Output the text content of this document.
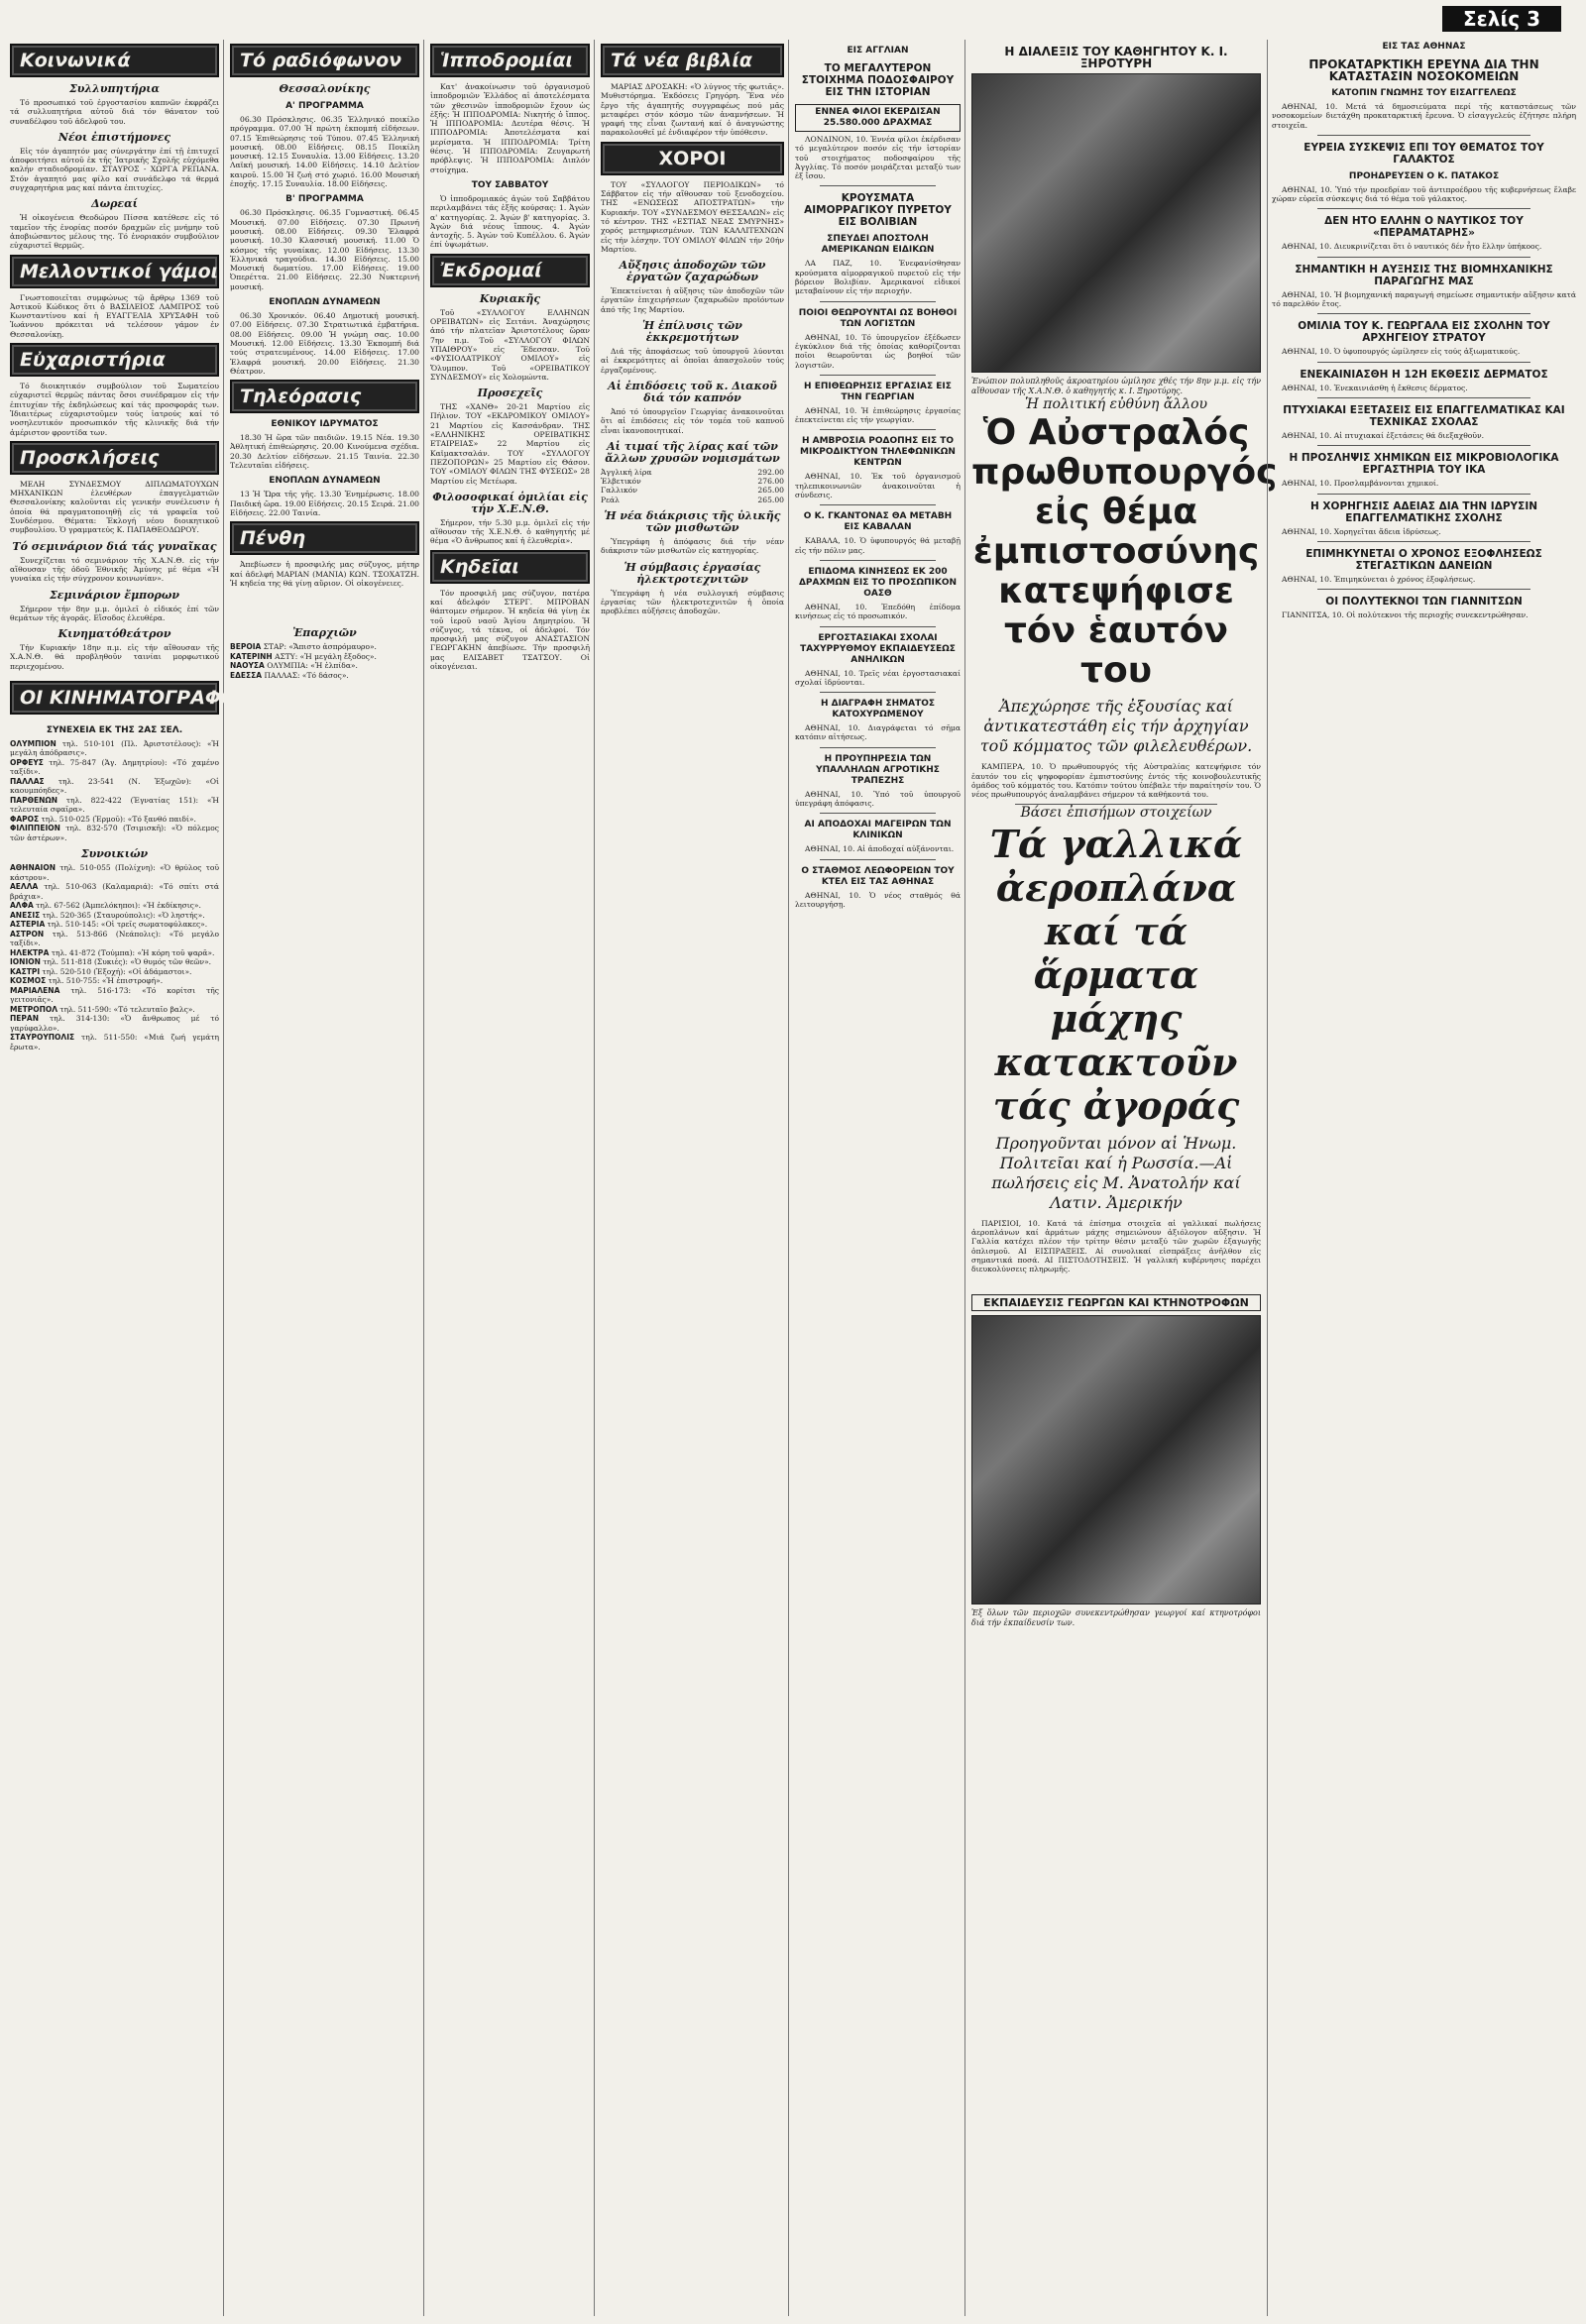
Σελίς 3
Κοινωνικά
Συλλυπητήρια

Τό προσωπικό τοῦ ἐργοστασίου καπνῶν ἐκφράζει τά συλλυπητήρια αὐτοῦ διά τόν θάνατον τοῦ συναδέλφου τοῦ ἀδελφοῦ του.

Νέοι ἐπιστήμονες

Εἰς τόν ἀγαπητόν μας σύνεργάτην ἐπί τῇ ἐπιτυχεῖ ἀποφοιτήσει αὐτοῦ ἐκ τῆς Ἰατρικῆς Σχολῆς εὐχόμεθα καλήν σταδιοδρομίαν. ΣΤΑΥΡΟΣ - ΧΩΡΓΑ ΡΕΠΑΝΑ. Στόν ἀγαπητό μας φίλο καί συνάδελφο τά θερμά συγχαρητήρια μας καί πάντα ἐπιτυχίες.

Δωρεαί

Ἡ οἰκογένεια Θεοδώρου Πίσσα κατέθεσε εἰς τό ταμεῖον τῆς ἐνορίας ποσόν δραχμῶν εἰς μνήμην τοῦ ἀποβιώσαντος μέλους της. Τό ἐνοριακόν συμβούλιον εὐχαριστεῖ θερμῶς.

Μελλοντικοί γάμοι

Γνωστοποιεῖται συμφώνως τῷ ἄρθρῳ 1369 τοῦ Ἀστικοῦ Κώδικος ὅτι ὁ ΒΑΣΙΛΕΙΟΣ ΛΑΜΠΡΟΣ τοῦ Κωνσταντίνου καί ἡ ΕΥΑΓΓΕΛΙΑ ΧΡΥΣΑΦΗ τοῦ Ἰωάννου πρόκειται νά τελέσουν γάμον ἐν Θεσσαλονίκῃ.

Εὐχαριστήρια

Τό διοικητικόν συμβούλιον τοῦ Σωματείου εὐχαριστεῖ θερμῶς πάντας ὅσοι συνέδραμον εἰς τήν ἐπιτυχίαν τῆς ἐκδηλώσεως καί τάς προσφοράς των. Ἰδιαιτέρως εὐχαριστοῦμεν τούς ἰατρούς καί τό νοσηλευτικόν προσωπικόν τῆς κλινικῆς διά τήν ἀμέριστον φροντίδα των.

Προσκλήσεις

ΜΕΛΗ ΣΥΝΔΕΣΜΟΥ ΔΙΠΛΩΜΑΤΟΥΧΩΝ ΜΗΧΑΝΙΚΩΝ ἐλευθέρων ἐπαγγελματιῶν Θεσσαλονίκης καλοῦνται εἰς γενικήν συνέλευσιν ἡ ὁποία θά πραγματοποιηθῇ εἰς τά γραφεῖα τοῦ Συνδέσμου. Θέματα: Ἐκλογή νέου διοικητικοῦ συμβουλίου. Ὁ γραμματεύς Κ. ΠΑΠΑΘΕΟΔΩΡΟΥ.

Τό σεμινάριον διά τάς γυναῖκας

Συνεχίζεται τό σεμινάριον τῆς Χ.Α.Ν.Θ. εἰς τήν αἴθουσαν τῆς ὁδοῦ Ἐθνικῆς Ἀμύνης μέ θέμα «Ἡ γυναίκα εἰς τήν σύγχρονον κοινωνίαν».

Σεμινάριον ἔμπορων

Σήμερον τήν 8ην μ.μ. ὁμιλεῖ ὁ εἰδικός ἐπί τῶν θεμάτων τῆς ἀγορᾶς. Εἴσοδος ἐλευθέρα.

Κινηματόθεάτρον

Τήν Κυριακήν 18ην π.μ. εἰς τήν αἴθουσαν τῆς Χ.Α.Ν.Θ. θά προβληθοῦν ταινίαι μορφωτικοῦ περιεχομένου.

ΟΙ ΚΙΝΗΜΑΤΟΓΡΑΦΟΙ
ΣΥΝΕΧΕΙΑ ΕΚ ΤΗΣ 2ΑΣ ΣΕΛ.
ΟΛΥΜΠΙΟΝ τηλ. 510-101 (Πλ. Ἀριστοτέλους): «Ἡ μεγάλη ἀπόδρασις».
ΟΡΦΕΥΣ τηλ. 75-847 (Ἁγ. Δημητρίου): «Τό χαμένο ταξίδι».
ΠΑΛΛΑΣ τηλ. 23-541 (Ν. Ἐξωχῶν): «Οἱ καουμπόηδες».
ΠΑΡΘΕΝΩΝ τηλ. 822-422 (Ἐγνατίας 151): «Ἡ τελευταία σφαῖρα».
ΦΑΡΟΣ τηλ. 510-025 (Ἐρμοῦ): «Τό ξανθό παιδί».
ΦΙΛΙΠΠΕΙΟΝ τηλ. 832-570 (Τσιμισκῆ): «Ὁ πόλεμος τῶν ἀστέρων».
Συνοικιών
ΑΘΗΝΑΙΟΝ τηλ. 510-055 (Πολίχνη): «Ὁ θρύλος τοῦ κάστρου».
ΑΕΛΛΑ τηλ. 510-063 (Καλαμαριά): «Τό σπίτι στά βράχια».
ΑΛΦΑ τηλ. 67-562 (Ἀμπελόκηποι): «Ἡ ἐκδίκησις».
ΑΝΕΣΙΣ τηλ. 520-365 (Σταυρούπολις): «Ὁ ληστής».
ΑΣΤΕΡΙΑ τηλ. 510-145: «Οἱ τρεῖς σωματοφύλακες».
ΑΣΤΡΟΝ τηλ. 513-866 (Νεάπολις): «Τό μεγάλο ταξίδι».
ΗΛΕΚΤΡΑ τηλ. 41-872 (Τούμπα): «Ἡ κόρη τοῦ ψαρᾶ».
ΙΟΝΙΟΝ τηλ. 511-818 (Συκιές): «Ὁ θυμός τῶν θεῶν».
ΚΑΣΤΡΙ τηλ. 520-510 (Ἐξοχή): «Οἱ ἀδάμαστοι».
ΚΟΣΜΟΣ τηλ. 510-755: «Ἡ ἐπιστροφή».
ΜΑΡΙΑΛΕΝΑ τηλ. 516-173: «Τό κορίτσι τῆς γειτονιᾶς».
ΜΕΤΡΟΠΟΛ τηλ. 511-590: «Τό τελευταῖο βαλς».
ΠΕΡΑΝ τηλ. 314-130: «Ὁ ἄνθρωπος μέ τό γαρύφαλλο».
ΣΤΑΥΡΟΥΠΟΛΙΣ τηλ. 511-550: «Μιά ζωή γεμάτη ἔρωτα».
Τό ραδιόφωνον
Θεσσαλονίκης
Α' ΠΡΟΓΡΑΜΜΑ

06.30 Πρόσκλησις. 06.35 Ἑλληνικό ποικίλο πρόγραμμα. 07.00 Ἡ πρώτη ἐκπομπή εἰδήσεων. 07.15 Ἐπιθεώρησις τοῦ Τύπου. 07.45 Ἑλληνική μουσική. 08.00 Εἰδήσεις. 08.15 Ποικίλη μουσική. 12.15 Συναυλία. 13.00 Εἰδήσεις. 13.20 Λαϊκή μουσική. 14.00 Εἰδήσεις. 14.10 Δελτίον καιροῦ. 15.00 Ἡ ζωή στό χωριό. 16.00 Μουσική ἐποχῆς. 17.15 Συναυλία. 18.00 Εἰδήσεις.

Β' ΠΡΟΓΡΑΜΜΑ

06.30 Πρόσκλησις. 06.35 Γυμναστική. 06.45 Μουσική. 07.00 Εἰδήσεις. 07.30 Πρωινή μουσική. 08.00 Εἰδήσεις. 09.30 Ἐλαφρά μουσική. 10.30 Κλασσική μουσική. 11.00 Ὁ κόσμος τῆς γυναίκας. 12.00 Εἰδήσεις. 13.30 Ἑλληνικά τραγούδια. 14.30 Εἰδήσεις. 15.00 Μουσική δωματίου. 17.00 Εἰδήσεις. 19.00 Ὀπερέττα. 21.00 Εἰδήσεις. 22.30 Νυκτερινή μουσική.

ΕΝΟΠΛΩΝ ΔΥΝΑΜΕΩΝ

06.30 Χρονικόν. 06.40 Δημοτική μουσική. 07.00 Εἰδήσεις. 07.30 Στρατιωτικά ἐμβατήρια. 08.00 Εἰδήσεις. 09.00 Ἡ γνώμη σας. 10.00 Μουσική. 12.00 Εἰδήσεις. 13.30 Ἐκπομπή διά τούς στρατευμένους. 14.00 Εἰδήσεις. 17.00 Ἐλαφρά μουσική. 20.00 Εἰδήσεις. 21.30 Θέατρον.

Τηλεόρασις
ΕΘΝΙΚΟΥ ΙΔΡΥΜΑΤΟΣ

18.30 Ἡ ὥρα τῶν παιδιῶν. 19.15 Νέα. 19.30 Ἀθλητική ἐπιθεώρησις. 20.00 Κινούμενα σχέδια. 20.30 Δελτίον εἰδήσεων. 21.15 Ταινία. 22.30 Τελευταῖαι εἰδήσεις.

ΕΝΟΠΛΩΝ ΔΥΝΑΜΕΩΝ

13 Ἡ Ὥρα τῆς γῆς. 13.30 Ἐνημέρωσις. 18.00 Παιδική ὥρα. 19.00 Εἰδήσεις. 20.15 Σειρά. 21.00 Εἰδήσεις. 22.00 Ταινία.

Πένθη

Ἀπεβίωσεν ἡ προσφιλής μας σύζυγος, μήτηρ καί ἀδελφή ΜΑΡΙΑΝ (ΜΑΝΙΑ) ΚΩΝ. ΤΣΟΧΑΤΖΗ. Ἡ κηδεία της θά γίνῃ αὔριον. Οἱ οἰκογένειες.

Ἐπαρχιῶν
ΒΕΡΟΙΑ ΣΤΑΡ: «Ἄπιστο ἀσπρόμαυρο».
ΚΑΤΕΡΙΝΗ ΑΣΤΥ: «Ἡ μεγάλη ἔξοδος».
ΝΑΟΥΣΑ ΟΛΥΜΠΙΑ: «Ἡ ἐλπίδα».
ΕΔΕΣΣΑ ΠΑΛΛΑΣ: «Τό δάσος».
Ἱπποδρομίαι

Κατ' ἀνακοίνωσιν τοῦ ὀργανισμοῦ ἱπποδρομιῶν Ἑλλάδος αἱ ἀποτελέσματα τῶν χθεσινῶν ἱπποδρομιῶν ἔχουν ὡς ἑξῆς: Ἡ ΙΠΠΟΔΡΟΜΙΑ: Νικητής ὁ ἵππος. Ἡ ΙΠΠΟΔΡΟΜΙΑ: Δευτέρα θέσις. Ἡ ΙΠΠΟΔΡΟΜΙΑ: Ἀποτελέσματα καί μερίσματα. Ἡ ΙΠΠΟΔΡΟΜΙΑ: Τρίτη θέσις. Ἡ ΙΠΠΟΔΡΟΜΙΑ: Ζευγαρωτή πρόβλεψις. Ἡ ΙΠΠΟΔΡΟΜΙΑ: Διπλόν στοίχημα.

ΤΟΥ ΣΑΒΒΑΤΟΥ

Ὁ ἱπποδρομιακός ἀγών τοῦ Σαββάτου περιλαμβάνει τάς ἑξῆς κούρσας: 1. Ἀγών α' κατηγορίας. 2. Ἀγών β' κατηγορίας. 3. Ἀγών διά νέους ἵππους. 4. Ἀγών ἀντοχῆς. 5. Ἀγών τοῦ Κυπέλλου. 6. Ἀγών ἐπί ὑψωμάτων.

Ἐκδρομαί
Κυριακῆς

Τοῦ «ΣΥΛΛΟΓΟΥ ΕΛΛΗΝΩΝ ΟΡΕΙΒΑΤΩΝ» εἰς Σειτάνι. Ἀναχώρησις ἀπό τήν πλατεῖαν Ἀριστοτέλους ὥραν 7ην π.μ. Τοῦ «ΣΥΛΛΟΓΟΥ ΦΙΛΩΝ ΥΠΑΙΘΡΟΥ» εἰς Ἔδεσσαν. Τοῦ «ΦΥΣΙΟΛΑΤΡΙΚΟΥ ΟΜΙΛΟΥ» εἰς Ὄλυμπον. Τοῦ «ΟΡΕΙΒΑΤΙΚΟΥ ΣΥΝΔΕΣΜΟΥ» εἰς Χολομώντα.

Προσεχεῖς

ΤΗΣ «ΧΑΝΘ» 20-21 Μαρτίου εἰς Πήλιον. ΤΟΥ «ΕΚΔΡΟΜΙΚΟΥ ΟΜΙΛΟΥ» 21 Μαρτίου εἰς Κασσάνδραν. ΤΗΣ «ΕΛΛΗΝΙΚΗΣ ΟΡΕΙΒΑΤΙΚΗΣ ΕΤΑΙΡΕΙΑΣ» 22 Μαρτίου εἰς Καϊμακτσαλάν. ΤΟΥ «ΣΥΛΛΟΓΟΥ ΠΕΖΟΠΟΡΩΝ» 25 Μαρτίου εἰς Θάσον. ΤΟΥ «ΟΜΙΛΟΥ ΦΙΛΩΝ ΤΗΣ ΦΥΣΕΩΣ» 28 Μαρτίου εἰς Μετέωρα.

Φιλοσοφικαί ὁμιλίαι εἰς τήν Χ.Ε.Ν.Θ.

Σήμερον, τήν 5.30 μ.μ. ὁμιλεῖ εἰς τήν αἴθουσαν τῆς Χ.Ε.Ν.Θ. ὁ καθηγητής μέ θέμα «Ὁ ἄνθρωπος καί ἡ ἐλευθερία».

Κηδεῖαι

Τόν προσφιλῆ μας σύζυγον, πατέρα καί ἀδελφόν ΣΤΕΡΓ. ΜΠΡΟΒΑΝ θάπτομεν σήμερον. Ἡ κηδεία θά γίνῃ ἐκ τοῦ ἱεροῦ ναοῦ Ἁγίου Δημητρίου. Ἡ σύζυγος, τά τέκνα, οἱ ἀδελφοί. Τόν προσφιλῆ μας σύζυγον ΑΝΑΣΤΑΣΙΟΝ ΓΕΩΡΓΑΚΗΝ ἀπεβίωσε. Τήν προσφιλῆ μας ΕΛΙΣΑΒΕΤ ΤΣΑΤΣΟΥ. Οἱ οἰκογένειαι.

Τά νέα βιβλία

ΜΑΡΙΑΣ ΔΡΟΣΑΚΗ: «Ὁ λύγνος τῆς φωτιᾶς». Μυθιστόρημα. Ἐκδόσεις Γρηγόρη. Ἕνα νέο ἔργο τῆς ἀγαπητῆς συγγραφέως πού μᾶς μεταφέρει στόν κόσμο τῶν ἀναμνήσεων. Ἡ γραφή της εἶναι ζωντανή καί ὁ ἀναγνώστης παρακολουθεῖ μέ ἐνδιαφέρον τήν ὑπόθεσιν.

ΧΟΡΟΙ

ΤΟΥ «ΣΥΛΛΟΓΟΥ ΠΕΡΙΟΔΙΚΩΝ» τό Σάββατον εἰς τήν αἴθουσαν τοῦ ξενοδοχείου. ΤΗΣ «ΕΝΩΣΕΩΣ ΑΠΟΣΤΡΑΤΩΝ» τήν Κυριακήν. ΤΟΥ «ΣΥΝΔΕΣΜΟΥ ΘΕΣΣΑΛΩΝ» εἰς τό κέντρον. ΤΗΣ «ΕΣΤΙΑΣ ΝΕΑΣ ΣΜΥΡΝΗΣ» χορός μετημφιεσμένων. ΤΩΝ ΚΑΛΛΙΤΕΧΝΩΝ εἰς τήν λέσχην. ΤΟΥ ΟΜΙΛΟΥ ΦΙΛΩΝ τήν 20ήν Μαρτίου.

Αὔξησις ἀποδοχῶν τῶν ἐργατῶν ζαχαρώδων

Ἐπεκτείνεται ἡ αὔξησις τῶν ἀποδοχῶν τῶν ἐργατῶν ἐπιχειρήσεων ζαχαρωδῶν προϊόντων ἀπό τῆς 1ης Μαρτίου.

Ἡ ἐπίλυσις τῶν ἐκκρεμοτήτων

Διά τῆς ἀποφάσεως τοῦ ὑπουργοῦ λύονται αἱ ἐκκρεμότητες αἱ ὁποῖαι ἀπασχολοῦν τούς ἐργαζομένους.

Αἱ ἐπιδόσεις τοῦ κ. Διακοῦ διά τόν καπνόν

Ἀπό τό ὑπουργεῖον Γεωργίας ἀνακοινοῦται ὅτι αἱ ἐπιδόσεις εἰς τόν τομέα τοῦ καπνοῦ εἶναι ἱκανοποιητικαί.

Αἱ τιμαί τῆς λίρας καί τῶν ἄλλων χρυσῶν νομισμάτων
Ἀγγλική λίρα	292.00
Ἐλβετικόν	276.00
Γαλλικόν	265.00
Ρεάλ	265.00
Ἡ νέα διάκρισις τῆς ὑλικῆς τῶν μισθωτῶν

Ὑπεγράφη ἡ ἀπόφασις διά τήν νέαν διάκρισιν τῶν μισθωτῶν εἰς κατηγορίας.

Ἡ σύμβασις ἐργασίας ἠλεκτροτεχνιτῶν

Ὑπεγράφη ἡ νέα συλλογική σύμβασις ἐργασίας τῶν ἠλεκτροτεχνιτῶν ἡ ὁποία προβλέπει αὐξήσεις ἀποδοχῶν.

ΕΙΣ ΑΓΓΛΙΑΝ
ΤΟ ΜΕΓΑΛΥΤΕΡΟΝ ΣΤΟΙΧΗΜΑ ΠΟΔΟΣΦΑΙΡΟΥ ΕΙΣ ΤΗΝ ΙΣΤΟΡΙΑΝ
ΕΝΝΕΑ ΦΙΛΟΙ ΕΚΕΡΔΙΣΑΝ 25.580.000 ΔΡΑΧΜΑΣ

ΛΟΝΔΙΝΟΝ, 10. Ἐννέα φίλοι ἐκέρδισαν τό μεγαλύτερον ποσόν εἰς τήν ἱστορίαν τοῦ στοιχήματος ποδοσφαίρου τῆς Ἀγγλίας. Τό ποσόν μοιράζεται μεταξύ των ἐξ ἴσου.

ΚΡΟΥΣΜΑΤΑ ΑΙΜΟΡΡΑΓΙΚΟΥ ΠΥΡΕΤΟΥ ΕΙΣ ΒΟΛΙΒΙΑΝ
ΣΠΕΥΔΕΙ ΑΠΟΣΤΟΛΗ ΑΜΕΡΙΚΑΝΩΝ ΕΙΔΙΚΩΝ

ΛΑ ΠΑΖ, 10. Ἐνεφανίσθησαν κρούσματα αἱμορραγικοῦ πυρετοῦ εἰς τήν βόρειον Βολιβίαν. Ἀμερικανοί εἰδικοί μεταβαίνουν εἰς τήν περιοχήν.

ΠΟΙΟΙ ΘΕΩΡΟΥΝΤΑΙ ΩΣ ΒΟΗΘΟΙ ΤΩΝ ΛΟΓΙΣΤΩΝ

ΑΘΗΝΑΙ, 10. Τό ὑπουργεῖον ἐξέδωσεν ἐγκύκλιον διά τῆς ὁποίας καθορίζονται ποῖοι θεωροῦνται ὡς βοηθοί τῶν λογιστῶν.

Η ΕΠΙΘΕΩΡΗΣΙΣ ΕΡΓΑΣΙΑΣ ΕΙΣ ΤΗΝ ΓΕΩΡΓΙΑΝ

ΑΘΗΝΑΙ, 10. Ἡ ἐπιθεώρησις ἐργασίας ἐπεκτείνεται εἰς τήν γεωργίαν.

Η ΑΜΒΡΟΣΙΑ ΡΟΔΟΠΗΣ ΕΙΣ ΤΟ ΜΙΚΡΟΔΙΚΤΥΟΝ ΤΗΛΕΦΩΝΙΚΩΝ ΚΕΝΤΡΩΝ

ΑΘΗΝΑΙ, 10. Ἐκ τοῦ ὀργανισμοῦ τηλεπικοινωνιῶν ἀνακοινοῦται ἡ σύνδεσις.

Ο Κ. ΓΚΑΝΤΟΝΑΣ ΘΑ ΜΕΤΑΒΗ ΕΙΣ ΚΑΒΑΛΑΝ

ΚΑΒΑΛΑ, 10. Ὁ ὑφυπουργός θά μεταβῇ εἰς τήν πόλιν μας.

ΕΠΙΔΟΜΑ ΚΙΝΗΣΕΩΣ ΕΚ 200 ΔΡΑΧΜΩΝ ΕΙΣ ΤΟ ΠΡΟΣΩΠΙΚΟΝ ΟΑΣΘ

ΑΘΗΝΑΙ, 10. Ἐπεδόθη ἐπίδομα κινήσεως εἰς τό προσωπικόν.

ΕΡΓΟΣΤΑΣΙΑΚΑΙ ΣΧΟΛΑΙ ΤΑΧΥΡΡΥΘΜΟΥ ΕΚΠΑΙΔΕΥΣΕΩΣ ΑΝΗΛΙΚΩΝ

ΑΘΗΝΑΙ, 10. Τρεῖς νέαι ἐργοστασιακαί σχολαί ἱδρύονται.

Η ΔΙΑΓΡΑΦΗ ΣΗΜΑΤΟΣ ΚΑΤΟΧΥΡΩΜΕΝΟΥ

ΑΘΗΝΑΙ, 10. Διαγράφεται τό σῆμα κατόπιν αἰτήσεως.

Η ΠΡΟΥΠΗΡΕΣΙΑ ΤΩΝ ΥΠΑΛΛΗΛΩΝ ΑΓΡΟΤΙΚΗΣ ΤΡΑΠΕΖΗΣ

ΑΘΗΝΑΙ, 10. Ὑπό τοῦ ὑπουργοῦ ὑπεγράφη ἀπόφασις.

ΑΙ ΑΠΟΔΟΧΑΙ ΜΑΓΕΙΡΩΝ ΤΩΝ ΚΛΙΝΙΚΩΝ

ΑΘΗΝΑΙ, 10. Αἱ ἀποδοχαί αὐξάνονται.

Ο ΣΤΑΘΜΟΣ ΛΕΩΦΟΡΕΙΩΝ ΤΟΥ ΚΤΕΛ ΕΙΣ ΤΑΣ ΑΘΗΝΑΣ

ΑΘΗΝΑΙ, 10. Ὁ νέος σταθμός θά λειτουργήσῃ.

Η ΔΙΑΛΕΞΙΣ ΤΟΥ ΚΑΘΗΓΗΤΟΥ Κ. Ι. ΞΗΡΟΤΥΡΗ
Ἐνώπιον πολυπληθοῦς ἀκροατηρίου ὡμίλησε χθές τήν 8ην μ.μ. εἰς τήν αἴθουσαν τῆς Χ.Α.Ν.Θ. ὁ καθηγητής κ. Ι. Ξηροτύρης.
Ἡ πολιτική εὐθύνη ἄλλου
Ὁ Αὐστραλός πρωθυπουργός εἰς θέμα ἐμπιστοσύνης κατεψήφισε τόν ἑαυτόν του
Ἀπεχώρησε τῆς ἐξουσίας καί ἀντικατεστάθη εἰς τήν ἀρχηγίαν τοῦ κόμματος τῶν φιλελευθέρων.

ΚΑΜΠΕΡΑ, 10. Ὁ πρωθυπουργός τῆς Αὐστραλίας κατεψήφισε τόν ἑαυτόν του εἰς ψηφοφορίαν ἐμπιστοσύνης ἐντός τῆς κοινοβουλευτικῆς ὁμάδος τοῦ κόμματός του. Κατόπιν τούτου ὑπέβαλε τήν παραίτησίν του. Ὁ νέος πρωθυπουργός ἀναλαμβάνει σήμερον τά καθήκοντά του.

Βάσει ἐπισήμων στοιχείων
Τά γαλλικά ἀεροπλάνα καί τά ἅρματα μάχης κατακτοῦν τάς ἀγοράς
Προηγοῦνται μόνον αἱ Ἡνωμ. Πολιτεῖαι καί ἡ Ρωσσία.—Αἱ πωλήσεις εἰς Μ. Ἀνατολήν καί Λατιν. Ἀμερικήν

ΠΑΡΙΣΙΟΙ, 10. Κατά τά ἐπίσημα στοιχεῖα αἱ γαλλικαί πωλήσεις ἀεροπλάνων καί ἁρμάτων μάχης σημειώνουν ἀξιόλογον αὔξησιν. Ἡ Γαλλία κατέχει πλέον τήν τρίτην θέσιν μεταξύ τῶν χωρῶν ἐξαγωγῆς ὁπλισμοῦ. ΑΙ ΕΙΣΠΡΑΞΕΙΣ. Αἱ συνολικαί εἰσπράξεις ἀνῆλθον εἰς σημαντικά ποσά. ΑΙ ΠΙΣΤΟΔΟΤΗΣΕΙΣ. Ἡ γαλλική κυβέρνησις παρέχει διευκολύνσεις πληρωμῆς.

ΕΚΠΑΙΔΕΥΣΙΣ ΓΕΩΡΓΩΝ ΚΑΙ ΚΤΗΝΟΤΡΟΦΩΝ
Ἐξ ὅλων τῶν περιοχῶν συνεκεντρώθησαν γεωργοί καί κτηνοτρόφοι διά τήν ἐκπαίδευσίν των.
ΕΙΣ ΤΑΣ ΑΘΗΝΑΣ
ΠΡΟΚΑΤΑΡΚΤΙΚΗ ΕΡΕΥΝΑ ΔΙΑ ΤΗΝ ΚΑΤΑΣΤΑΣΙΝ ΝΟΣΟΚΟΜΕΙΩΝ
ΚΑΤΟΠΙΝ ΓΝΩΜΗΣ ΤΟΥ ΕΙΣΑΓΓΕΛΕΩΣ

ΑΘΗΝΑΙ, 10. Μετά τά δημοσιεύματα περί τῆς καταστάσεως τῶν νοσοκομείων διετάχθη προκαταρκτική ἔρευνα. Ὁ εἰσαγγελεύς ἐζήτησε πλήρη στοιχεῖα.

ΕΥΡΕΙΑ ΣΥΣΚΕΨΙΣ ΕΠΙ ΤΟΥ ΘΕΜΑΤΟΣ ΤΟΥ ΓΑΛΑΚΤΟΣ
ΠΡΟΗΔΡΕΥΣΕΝ Ο Κ. ΠΑΤΑΚΟΣ

ΑΘΗΝΑΙ, 10. Ὑπό τήν προεδρίαν τοῦ ἀντιπροέδρου τῆς κυβερνήσεως ἔλαβε χώραν εὐρεῖα σύσκεψις διά τό θέμα τοῦ γάλακτος.

ΔΕΝ ΗΤΟ ΕΛΛΗΝ Ο ΝΑΥΤΙΚΟΣ ΤΟΥ «ΠΕΡΑΜΑΤΑΡΗΣ»

ΑΘΗΝΑΙ, 10. Διευκρινίζεται ὅτι ὁ ναυτικός δέν ἦτο ἕλλην ὑπήκοος.

ΣΗΜΑΝΤΙΚΗ Η ΑΥΞΗΣΙΣ ΤΗΣ ΒΙΟΜΗΧΑΝΙΚΗΣ ΠΑΡΑΓΩΓΗΣ ΜΑΣ

ΑΘΗΝΑΙ, 10. Ἡ βιομηχανική παραγωγή σημείωσε σημαντικήν αὔξησιν κατά τό παρελθόν ἔτος.

ΟΜΙΛΙΑ ΤΟΥ Κ. ΓΕΩΡΓΑΛΑ ΕΙΣ ΣΧΟΛΗΝ ΤΟΥ ΑΡΧΗΓΕΙΟΥ ΣΤΡΑΤΟΥ

ΑΘΗΝΑΙ, 10. Ὁ ὑφυπουργός ὡμίλησεν εἰς τούς ἀξιωματικούς.

ΕΝΕΚΑΙΝΙΑΣΘΗ Η 12Η ΕΚΘΕΣΙΣ ΔΕΡΜΑΤΟΣ

ΑΘΗΝΑΙ, 10. Ἐνεκαινιάσθη ἡ ἔκθεσις δέρματος.

ΠΤΥΧΙΑΚΑΙ ΕΞΕΤΑΣΕΙΣ ΕΙΣ ΕΠΑΓΓΕΛΜΑΤΙΚΑΣ ΚΑΙ ΤΕΧΝΙΚΑΣ ΣΧΟΛΑΣ

ΑΘΗΝΑΙ, 10. Αἱ πτυχιακαί ἐξετάσεις θά διεξαχθοῦν.

Η ΠΡΟΣΛΗΨΙΣ ΧΗΜΙΚΩΝ ΕΙΣ ΜΙΚΡΟΒΙΟΛΟΓΙΚΑ ΕΡΓΑΣΤΗΡΙΑ ΤΟΥ ΙΚΑ

ΑΘΗΝΑΙ, 10. Προσλαμβάνονται χημικοί.

Η ΧΟΡΗΓΗΣΙΣ ΑΔΕΙΑΣ ΔΙΑ ΤΗΝ ΙΔΡΥΣΙΝ ΕΠΑΓΓΕΛΜΑΤΙΚΗΣ ΣΧΟΛΗΣ

ΑΘΗΝΑΙ, 10. Χορηγεῖται ἄδεια ἱδρύσεως.

ΕΠΙΜΗΚΥΝΕΤΑΙ Ο ΧΡΟΝΟΣ ΕΞΟΦΛΗΣΕΩΣ ΣΤΕΓΑΣΤΙΚΩΝ ΔΑΝΕΙΩΝ

ΑΘΗΝΑΙ, 10. Ἐπιμηκύνεται ὁ χρόνος ἐξοφλήσεως.

ΟΙ ΠΟΛΥΤΕΚΝΟΙ ΤΩΝ ΓΙΑΝΝΙΤΣΩΝ

ΓΙΑΝΝΙΤΣΑ, 10. Οἱ πολύτεκνοι τῆς περιοχῆς συνεκεντρώθησαν.
